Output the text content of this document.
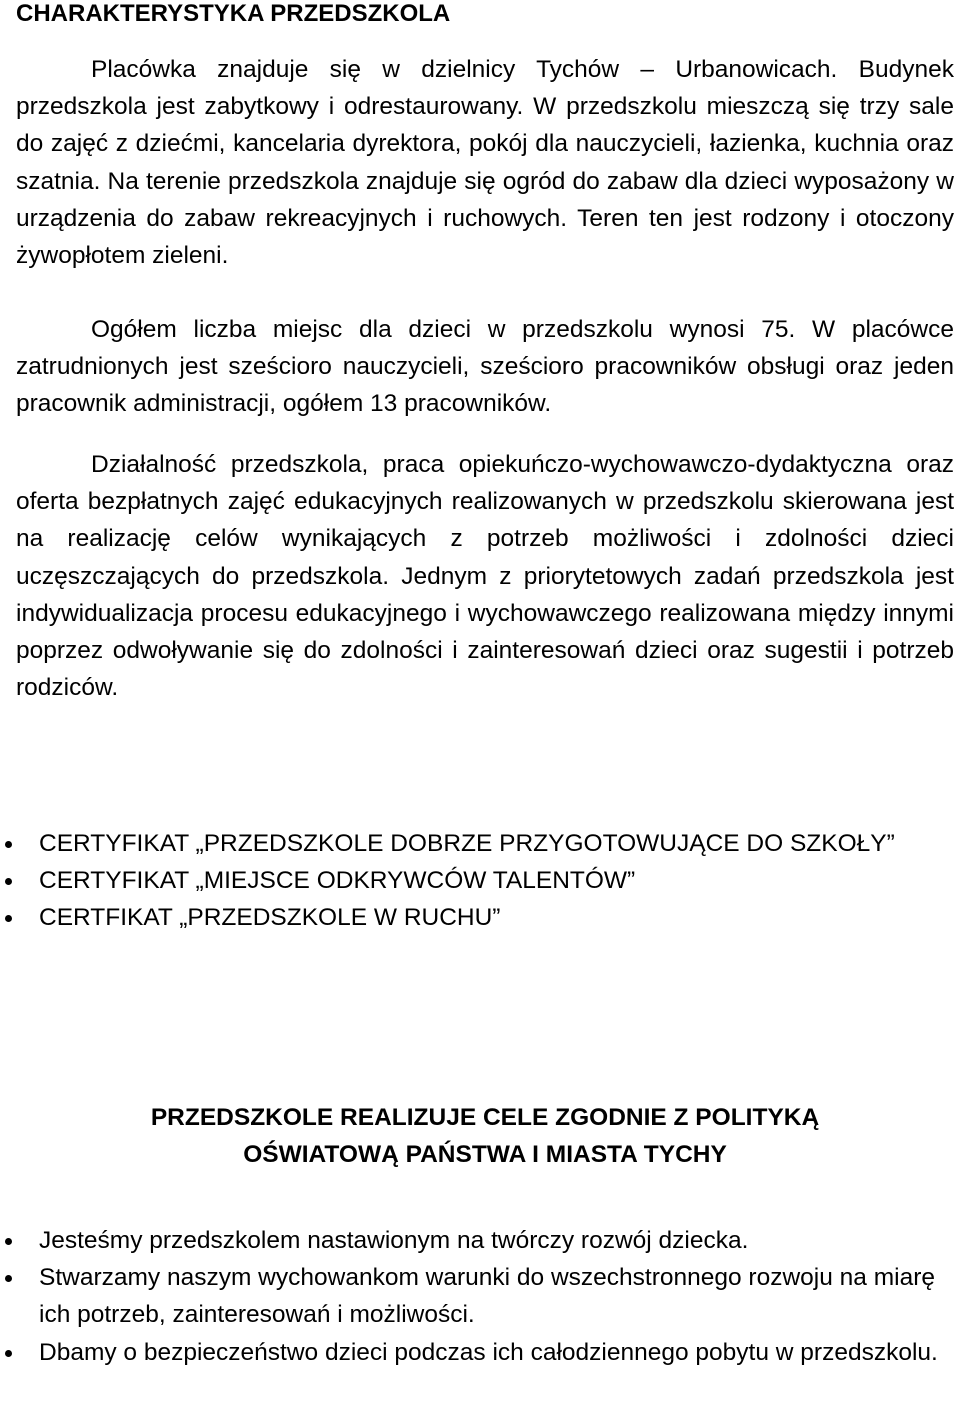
CHARAKTERYSTYKA PRZEDSZKOLA

Placówka znajduje się w dzielnicy Tychów – Urbanowicach. Budynek przedszkola jest zabytkowy i odrestaurowany. W przedszkolu mieszczą się trzy sale do zajęć z dziećmi, kancelaria dyrektora, pokój dla nauczycieli, łazienka, kuchnia oraz szatnia. Na terenie przedszkola znajduje się ogród do zabaw dla dzieci wyposażony w urządzenia do zabaw rekreacyjnych i ruchowych. Teren ten jest rodzony i otoczony żywopłotem zieleni.

Ogółem liczba miejsc dla dzieci w przedszkolu wynosi 75. W placówce zatrudnionych jest sześcioro nauczycieli, sześcioro pracowników obsługi oraz jeden pracownik administracji, ogółem 13 pracowników.

Działalność przedszkola, praca opiekuńczo-wychowawczo-dydaktyczna oraz oferta bezpłatnych zajęć edukacyjnych realizowanych w przedszkolu skierowana jest na realizację celów wynikających z potrzeb możliwości i zdolności dzieci uczęszczających do przedszkola. Jednym z priorytetowych zadań przedszkola jest indywidualizacja procesu edukacyjnego i wychowawczego realizowana między innymi poprzez odwoływanie się do zdolności i zainteresowań dzieci oraz sugestii i potrzeb rodziców.

CERTYFIKAT „PRZEDSZKOLE DOBRZE PRZYGOTOWUJĄCE DO SZKOŁY”
CERTYFIKAT „MIEJSCE ODKRYWCÓW TALENTÓW”
CERTFIKAT „PRZEDSZKOLE W RUCHU”
PRZEDSZKOLE REALIZUJE CELE ZGODNIE Z POLITYKĄ
OŚWIATOWĄ PAŃSTWA I MIASTA TYCHY
Jesteśmy przedszkolem nastawionym na twórczy rozwój dziecka.
Stwarzamy naszym wychowankom warunki do wszechstronnego rozwoju na miarę ich potrzeb, zainteresowań i możliwości.
Dbamy o bezpieczeństwo dzieci podczas ich całodziennego pobytu w przedszkolu.
